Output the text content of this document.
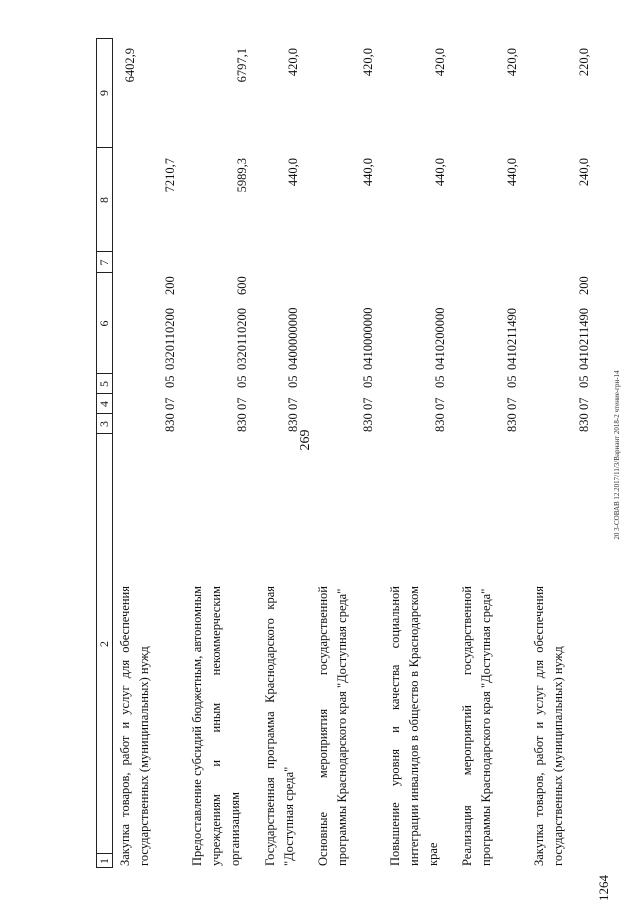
269	20 3-СОВАВ 12.2017/11/3/Вариант 2018-2 чтение-грн-14
1264
1
2
3
4
5
6
7
8
9
Закупка товаров, работ и услуг для обеспечения государственных (муниципальных) нужд
830
0320110200
200
7210,7
6402,9
Предоставление субсидий бюджетным, автономным учреждениям и иным некоммерческим организациям
830
0320110200
600
5989,3
6797,1
Государственная программа Краснодарского края "Доступная среда"
830
0400000000
440,0
420,0
Основные мероприятия государственной программы Краснодарского края "Доступная среда"
830
0410000000
440,0
420,0
Повышение уровня и качества социальной интеграции инвалидов в общество в Краснодарском крае
830
0410200000
440,0
420,0
Реализация мероприятий государственной программы Краснодарского края "Доступная среда"
830
0410211490
440,0
420,0
Закупка товаров, работ и услуг для обеспечения государственных (муниципальных) нужд
830
0410211490
200
240,0
220,0
07
05
07
05
07
05
07
05
07
05
07
05
07
05
